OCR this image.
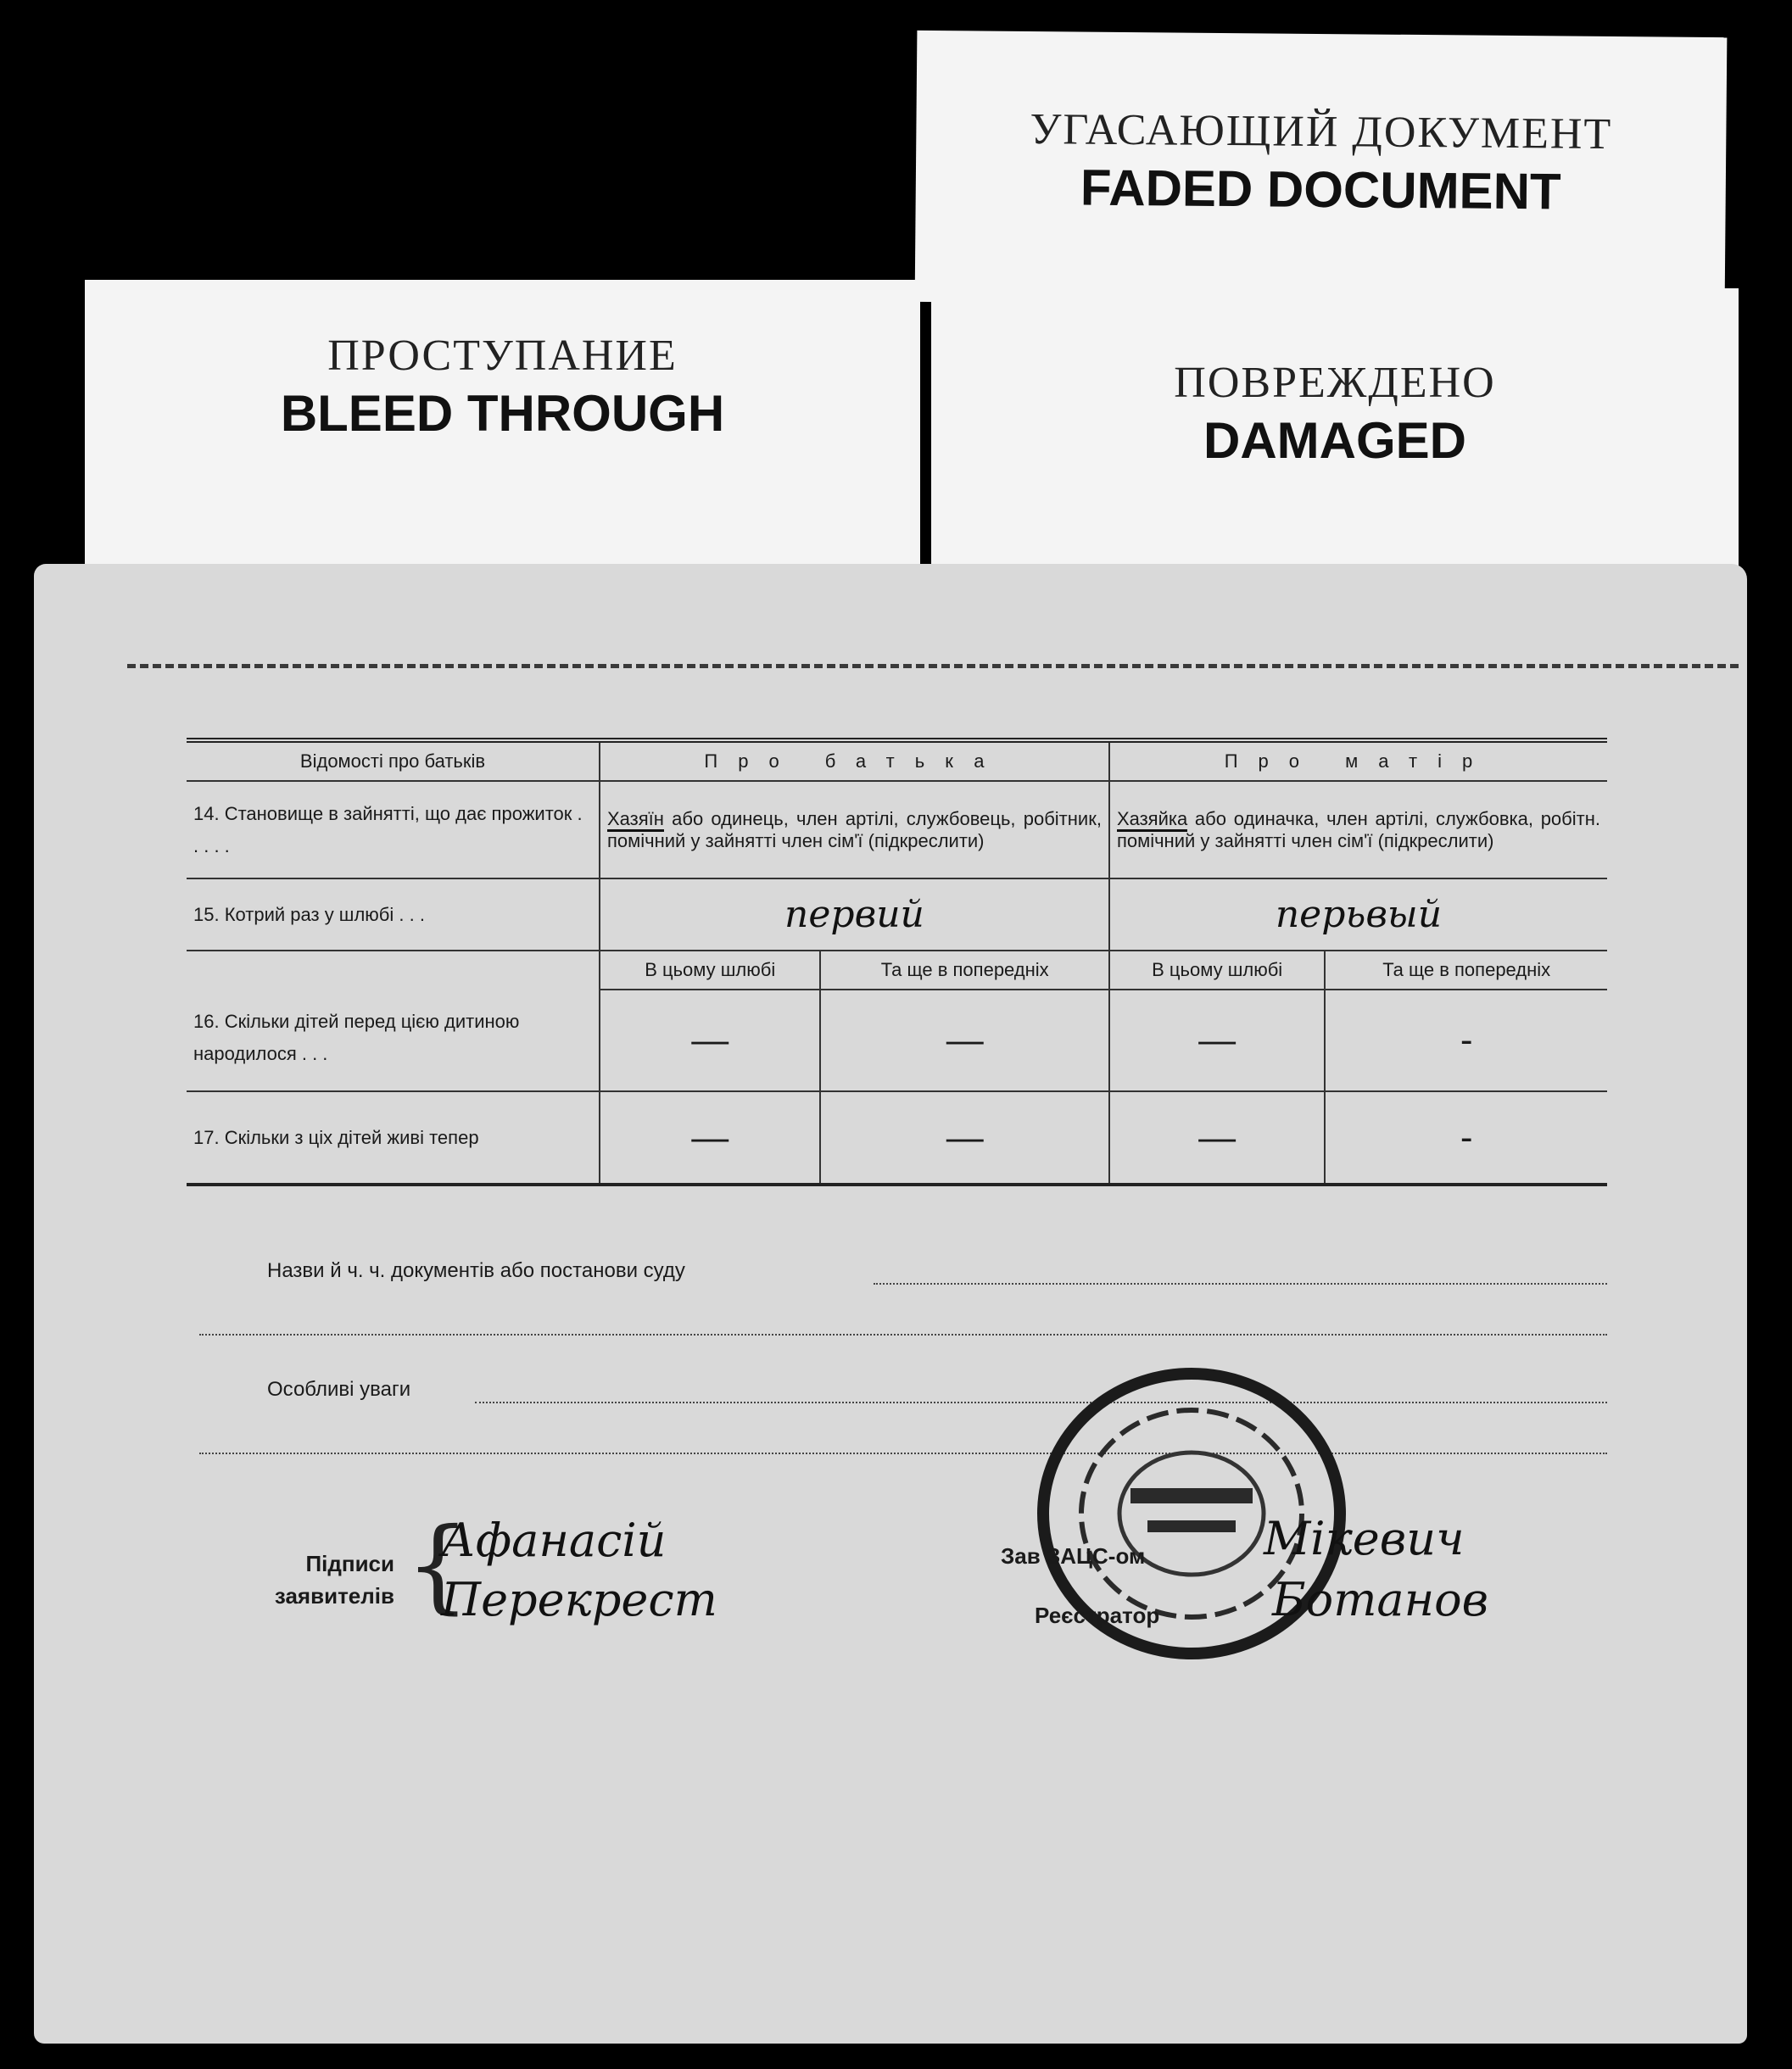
УГАСАЮЩИЙ ДОКУМЕНТ
FADED DOCUMENT
ПРОСТУПАНИЕ
BLEED THROUGH
ПОВРЕЖДЕНО
DAMAGED
Відомості про батьків	Про батька		Про матір	
14. Становище в зайнятті, що дає прожиток . . . . .	Хазяїн або одинець, член артілі, службовець, робітник, помічний у зайнятті член сім'ї (підкреслити)		Хазяйка або одиначка, член артілі, службовка, робітн. помічний у зайнятті член сім'ї (підкреслити)	
15. Котрий раз у шлюбі . . .	первий		перьвый	

16. Скільки дітей перед цією дитиною народилося . . .	В цьому шлюбі	Та ще в попередніх	В цьому шлюбі	Та ще в попередніх
	—	—	—	-
17. Скільки з ціх дітей живі тепер	—	—	—	-
Назви й ч. ч. документів або постанови суду
Особливі уваги
Підписи заявителів {
Афанасій
Перекрест
Зав ЗАЦС-ом	Мікевич
Реєстратор Ботанов
